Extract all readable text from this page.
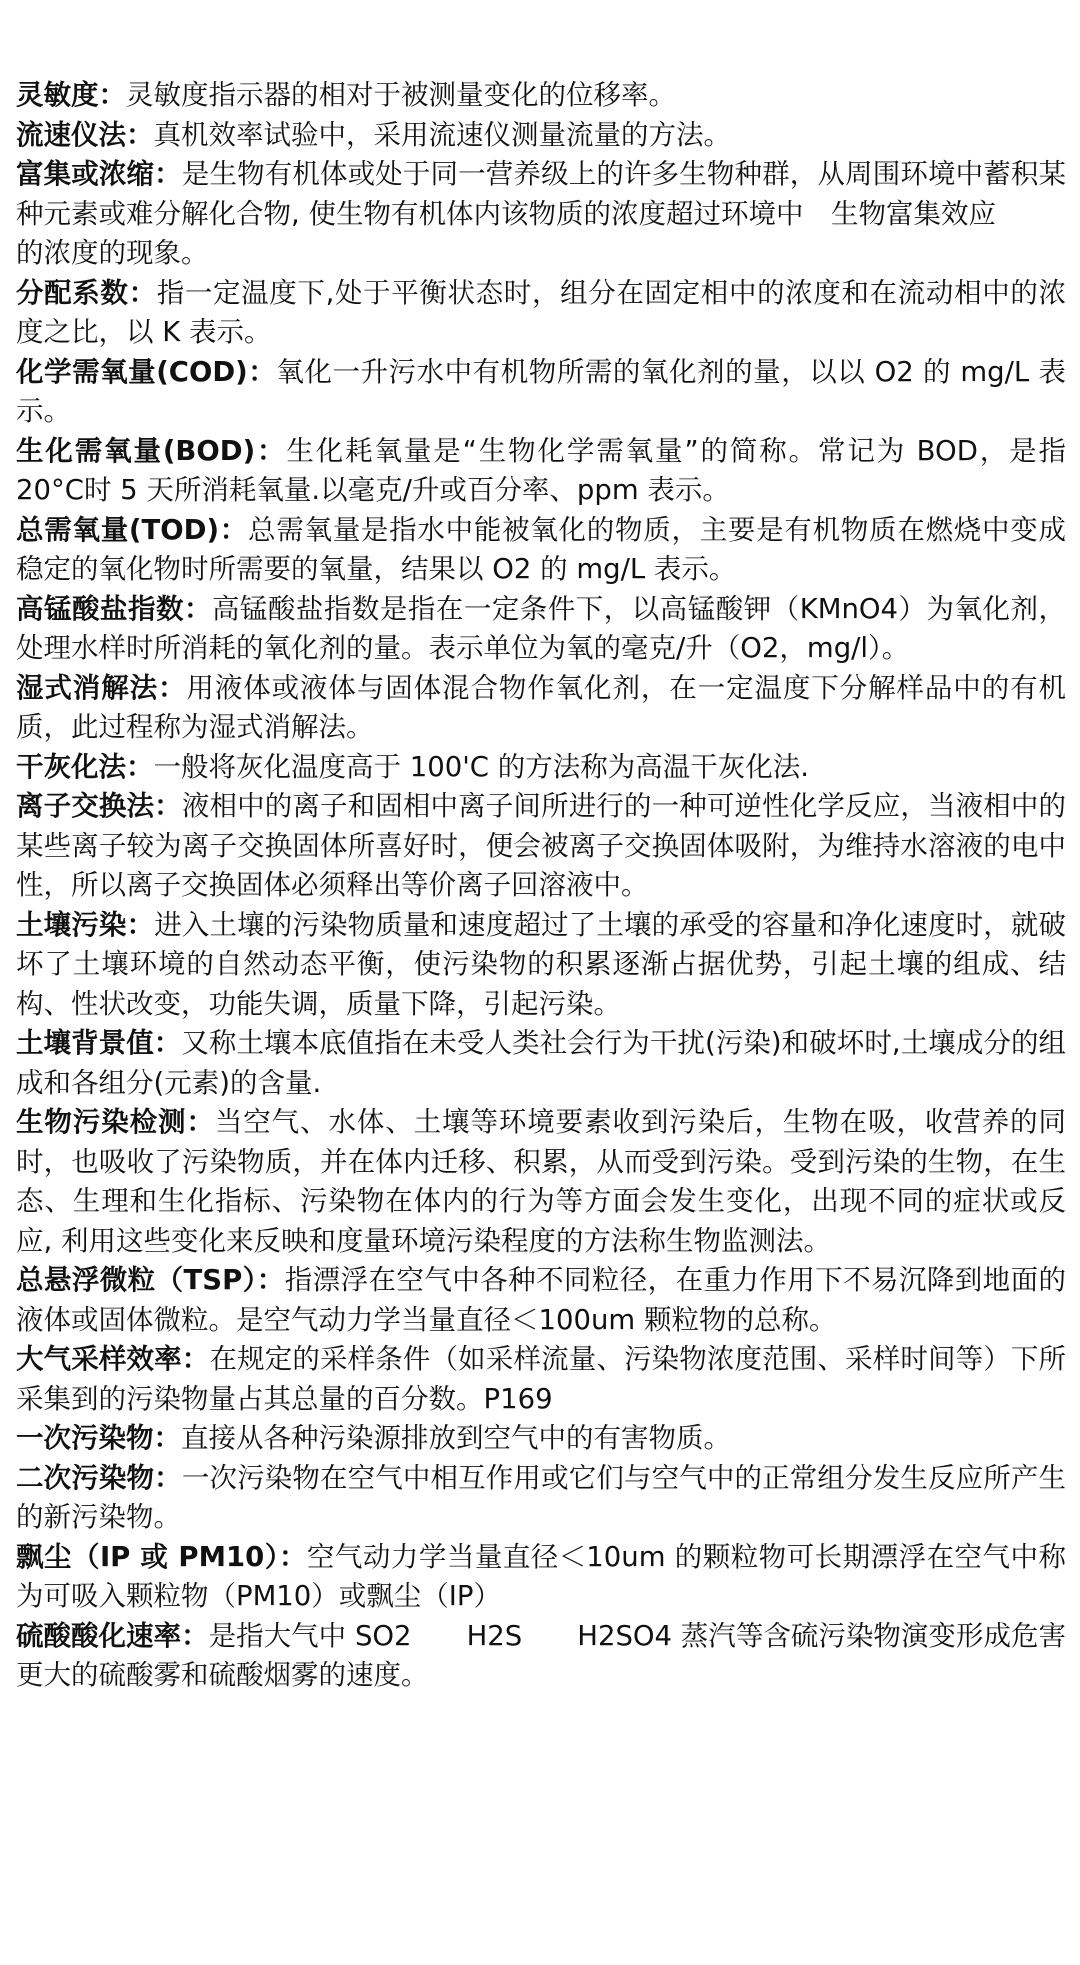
灵敏度：灵敏度指示器的相对于被测量变化的位移率。

流速仪法：真机效率试验中，采用流速仪测量流量的方法。

富集或浓缩：是生物有机体或处于同一营养级上的许多生物种群，从周围环境中蓄积某种元素或难分解化合物, 使生物有机体内该物质的浓度超过环境中　生物富集效应

的浓度的现象。

分配系数：指一定温度下,处于平衡状态时，组分在固定相中的浓度和在流动相中的浓度之比，以 K 表示。

化学需氧量(COD)：氧化一升污水中有机物所需的氧化剂的量，以以 O2 的 mg/L 表示。

生化需氧量(BOD)：生化耗氧量是“生物化学需氧量”的简称。常记为 BOD，是指 20°C时 5 天所消耗氧量.以毫克/升或百分率、ppm 表示。

总需氧量(TOD)：总需氧量是指水中能被氧化的物质，主要是有机物质在燃烧中变成稳定的氧化物时所需要的氧量，结果以 O2 的 mg/L 表示。

高锰酸盐指数：高锰酸盐指数是指在一定条件下，以高锰酸钾（KMnO4）为氧化剂，处理水样时所消耗的氧化剂的量。表示单位为氧的毫克/升（O2，mg/l）。

湿式消解法：用液体或液体与固体混合物作氧化剂，在一定温度下分解样品中的有机质，此过程称为湿式消解法。

干灰化法：一般将灰化温度高于 100'C 的方法称为高温干灰化法.

离子交换法：液相中的离子和固相中离子间所进行的一种可逆性化学反应，当液相中的某些离子较为离子交换固体所喜好时，便会被离子交换固体吸附，为维持水溶液的电中性，所以离子交换固体必须释出等价离子回溶液中。

土壤污染：进入土壤的污染物质量和速度超过了土壤的承受的容量和净化速度时，就破坏了土壤环境的自然动态平衡，使污染物的积累逐渐占据优势，引起土壤的组成、结构、性状改变，功能失调，质量下降，引起污染。

土壤背景值：又称土壤本底值指在未受人类社会行为干扰(污染)和破坏时,土壤成分的组成和各组分(元素)的含量.

生物污染检测：当空气、水体、土壤等环境要素收到污染后，生物在吸，收营养的同时，也吸收了污染物质，并在体内迁移、积累，从而受到污染。受到污染的生物，在生态、生理和生化指标、污染物在体内的行为等方面会发生变化，出现不同的症状或反应, 利用这些变化来反映和度量环境污染程度的方法称生物监测法。

总悬浮微粒（TSP）：指漂浮在空气中各种不同粒径，在重力作用下不易沉降到地面的液体或固体微粒。是空气动力学当量直径＜100um 颗粒物的总称。

大气采样效率：在规定的采样条件（如采样流量、污染物浓度范围、采样时间等）下所采集到的污染物量占其总量的百分数。P169

一次污染物：直接从各种污染源排放到空气中的有害物质。

二次污染物：一次污染物在空气中相互作用或它们与空气中的正常组分发生反应所产生的新污染物。

飘尘（IP 或 PM10）：空气动力学当量直径＜10um 的颗粒物可长期漂浮在空气中称为可吸入颗粒物（PM10）或飘尘（IP）

硫酸酸化速率：是指大气中 SO2　　H2S　　H2SO4 蒸汽等含硫污染物演变形成危害更大的硫酸雾和硫酸烟雾的速度。
